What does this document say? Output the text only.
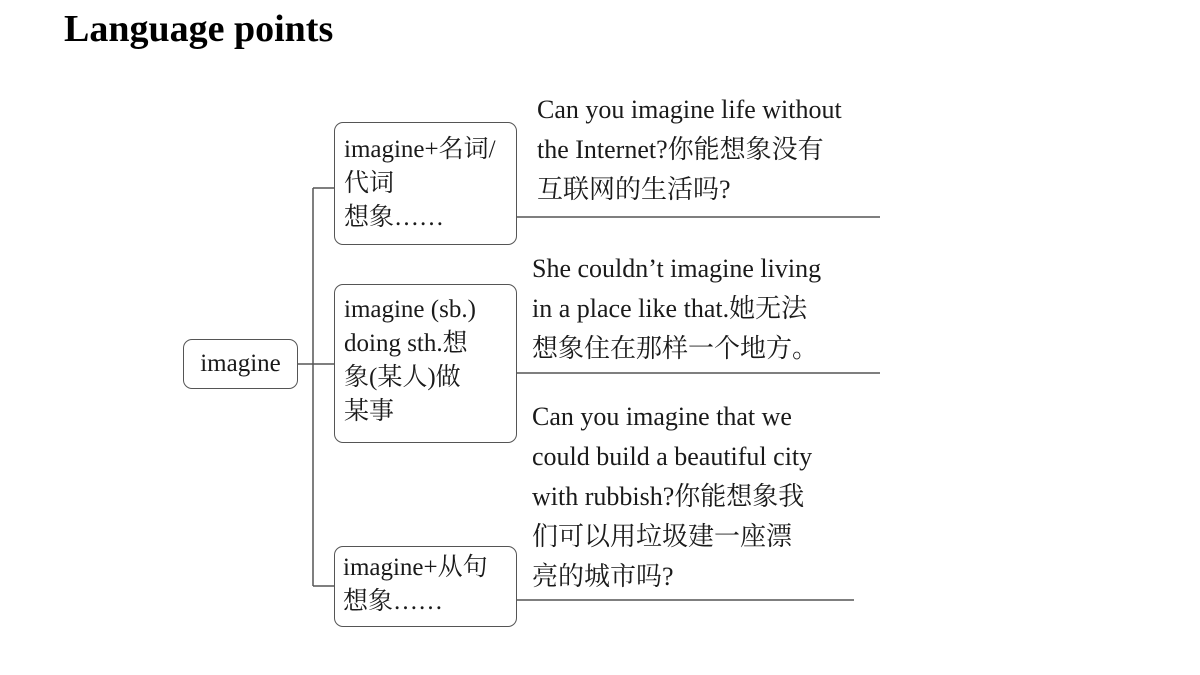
Language points
imagine
imagine+名词/
代词
想象……
imagine (sb.)
doing sth.想
象(某人)做
某事
imagine+从句
想象……
Can you imagine life without
the Internet?你能想象没有
互联网的生活吗?
She couldn’t imagine living
in a place like that.她无法
想象住在那样一个地方。
Can you imagine that we
could build a beautiful city
with rubbish?你能想象我
们可以用垃圾建一座漂
亮的城市吗?
